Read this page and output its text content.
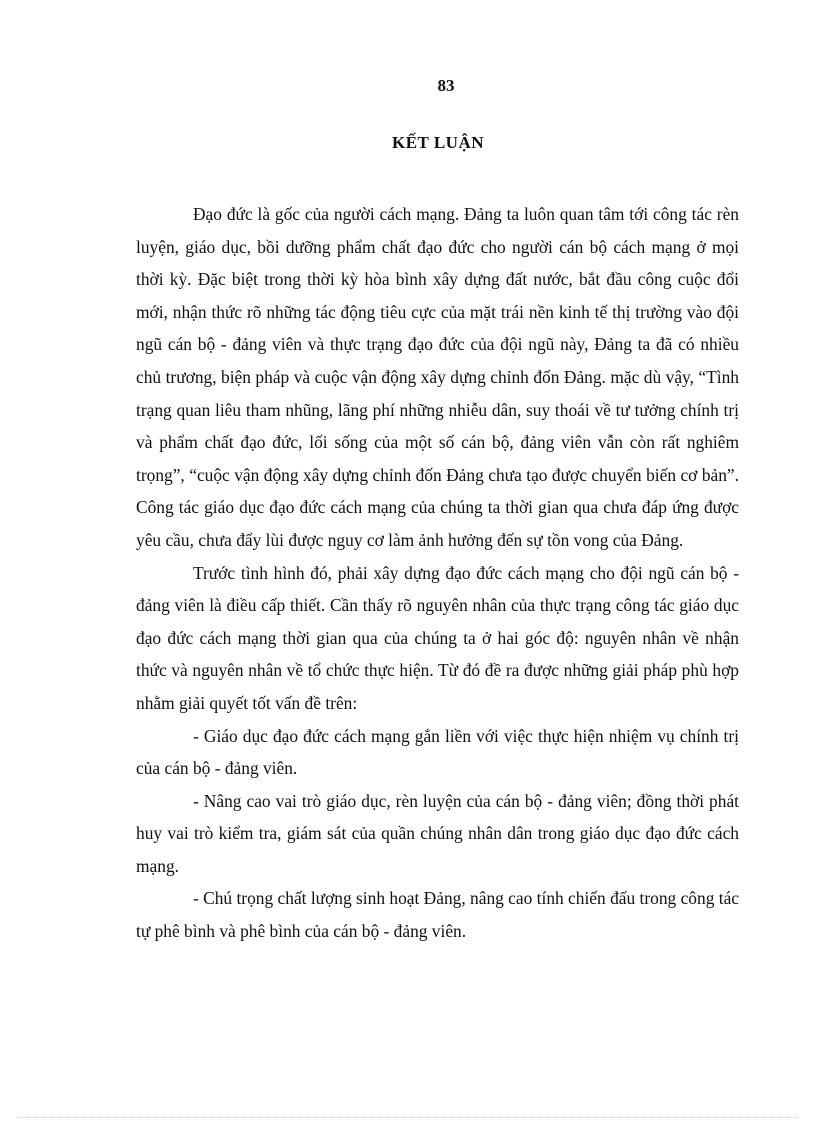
83
KẾT LUẬN

Đạo đức là gốc của người cách mạng. Đảng ta luôn quan tâm tới công tác rèn luyện, giáo dục, bồi dưỡng phẩm chất đạo đức cho người cán bộ cách mạng ở mọi thời kỳ. Đặc biệt trong thời kỳ hòa bình xây dựng đất nước, bắt đầu công cuộc đổi mới, nhận thức rõ những tác động tiêu cực của mặt trái nền kinh tế thị trường vào đội ngũ cán bộ - đảng viên và thực trạng đạo đức của đội ngũ này, Đảng ta đã có nhiều chủ trương, biện pháp và cuộc vận động xây dựng chỉnh đốn Đảng. mặc dù vậy, “Tình trạng quan liêu tham nhũng, lãng phí những nhiễu dân, suy thoái về tư tưởng chính trị và phẩm chất đạo đức, lối sống của một số cán bộ, đảng viên vẫn còn rất nghiêm trọng”, “cuộc vận động xây dựng chỉnh đốn Đảng chưa tạo được chuyển biến cơ bản”. Công tác giáo dục đạo đức cách mạng của chúng ta thời gian qua chưa đáp ứng được yêu cầu, chưa đẩy lùi được nguy cơ làm ảnh hưởng đến sự tồn vong của Đảng.

Trước tình hình đó, phải xây dựng đạo đức cách mạng cho đội ngũ cán bộ - đảng viên là điều cấp thiết. Cần thấy rõ nguyên nhân của thực trạng công tác giáo dục đạo đức cách mạng thời gian qua của chúng ta ở hai góc độ: nguyên nhân về nhận thức và nguyên nhân về tổ chức thực hiện. Từ đó đề ra được những giải pháp phù hợp nhằm giải quyết tốt vấn đề trên:

- Giáo dục đạo đức cách mạng gắn liền với việc thực hiện nhiệm vụ chính trị của cán bộ - đảng viên.

- Nâng cao vai trò giáo dục, rèn luyện của cán bộ - đảng viên; đồng thời phát huy vai trò kiểm tra, giám sát của quần chúng nhân dân trong giáo dục đạo đức cách mạng.

- Chú trọng chất lượng sinh hoạt Đảng, nâng cao tính chiến đấu trong công tác tự phê bình và phê bình của cán bộ - đảng viên.
